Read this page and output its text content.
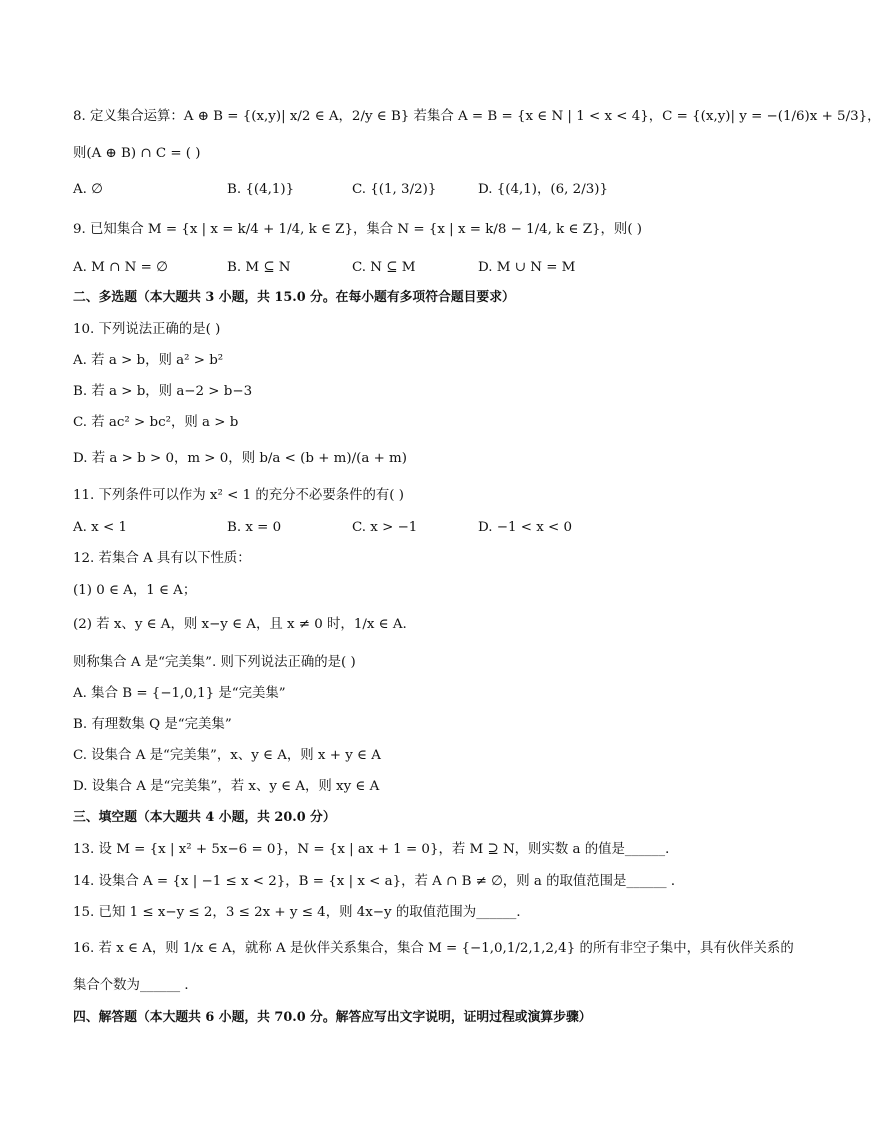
8. 定义集合运算：A ⊕ B = {(x,y)| x/2 ∈ A，2/y ∈ B} 若集合 A = B = {x ∈ N | 1 < x < 4}，C = {(x,y)| y = −(1/6)x + 5/3}，
则(A ⊕ B) ∩ C = ( )
A. ∅	B. {(4,1)}	C. {(1, 3/2)}	D. {(4,1)，(6, 2/3)}
9. 已知集合 M = {x | x = k/4 + 1/4, k ∈ Z}，集合 N = {x | x = k/8 − 1/4, k ∈ Z}，则( )
A. M ∩ N = ∅	B. M ⊆ N	C. N ⊆ M	D. M ∪ N = M
二、多选题（本大题共 3 小题，共 15.0 分。在每小题有多项符合题目要求）
10. 下列说法正确的是( )
A. 若 a > b，则 a² > b²
B. 若 a > b，则 a−2 > b−3
C. 若 ac² > bc²，则 a > b
D. 若 a > b > 0，m > 0，则 b/a < (b + m)/(a + m)
11. 下列条件可以作为 x² < 1 的充分不必要条件的有( )
A. x < 1	B. x = 0	C. x > −1	D. −1 < x < 0
12. 若集合 A 具有以下性质：
(1) 0 ∈ A，1 ∈ A；
(2) 若 x、y ∈ A，则 x−y ∈ A，且 x ≠ 0 时，1/x ∈ A.
则称集合 A 是“完美集”. 则下列说法正确的是( )
A. 集合 B = {−1,0,1} 是“完美集”
B. 有理数集 Q 是“完美集”
C. 设集合 A 是“完美集”，x、y ∈ A，则 x + y ∈ A
D. 设集合 A 是“完美集”，若 x、y ∈ A，则 xy ∈ A
三、填空题（本大题共 4 小题，共 20.0 分）
13. 设 M = {x | x² + 5x−6 = 0}，N = {x | ax + 1 = 0}，若 M ⊇ N，则实数 a 的值是______．
14. 设集合 A = {x | −1 ≤ x < 2}，B = {x | x < a}，若 A ∩ B ≠ ∅，则 a 的取值范围是______ ．
15. 已知 1 ≤ x−y ≤ 2，3 ≤ 2x + y ≤ 4，则 4x−y 的取值范围为______．
16. 若 x ∈ A，则 1/x ∈ A，就称 A 是伙伴关系集合，集合 M = {−1,0,1/2,1,2,4} 的所有非空子集中，具有伙伴关系的
集合个数为______ ．
四、解答题（本大题共 6 小题，共 70.0 分。解答应写出文字说明，证明过程或演算步骤）
